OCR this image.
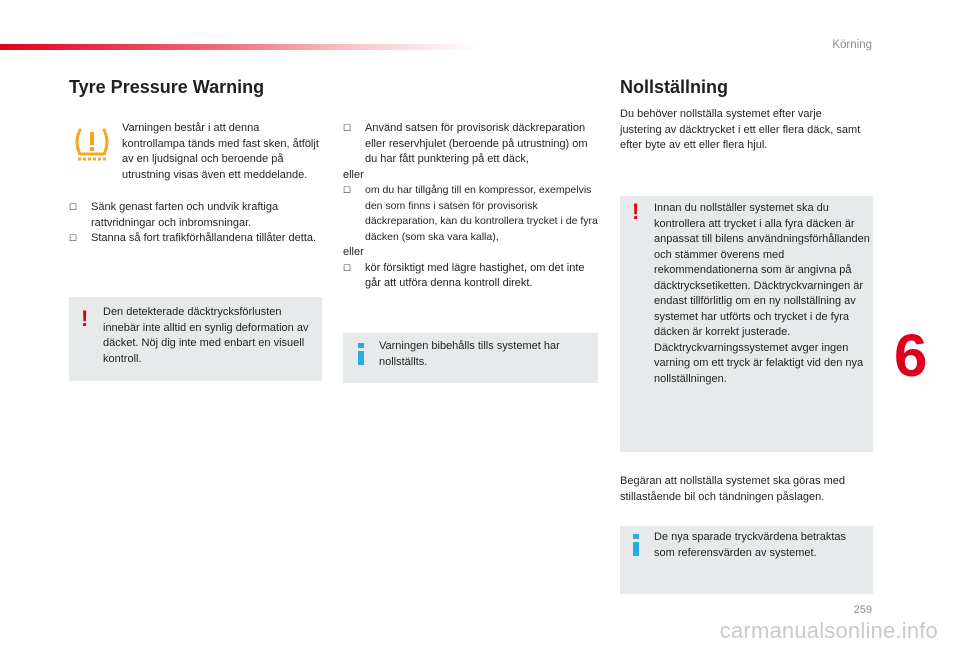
Körning
Tyre Pressure Warning

Varningen består i att denna kontrollampa tänds med fast sken, åtföljt av en ljudsignal och beroende på utrustning visas även ett meddelande.

☐ Sänk genast farten och undvik kraftiga rattvridningar och inbromsningar.
☐ Stanna så fort trafikförhållandena tillåter detta.
! Den detekterade däcktrycksförlusten innebär inte alltid en synlig deformation av däcket. Nöj dig inte med enbart en visuell kontroll.
☐ Använd satsen för provisorisk däckreparation eller reservhjulet (beroende på utrustning) om du har fått punktering på ett däck,
eller
☐ om du har tillgång till en kompressor, exempelvis den som finns i satsen för provisorisk däckreparation, kan du kontrollera trycket i de fyra däcken (som ska vara kalla),
eller
☐ kör försiktigt med lägre hastighet, om det inte går att utföra denna kontroll direkt.
Varningen bibehålls tills systemet har nollställts.
Nollställning

Du behöver nollställa systemet efter varje justering av däcktrycket i ett eller flera däck, samt efter byte av ett eller flera hjul.

! Innan du nollställer systemet ska du kontrollera att trycket i alla fyra däcken är anpassat till bilens användningsförhållanden och stämmer överens med rekommendationerna som är angivna på däcktrycksetiketten. Däcktryckvarningen är endast tillförlitlig om en ny nollställning av systemet har utförts och trycket i de fyra däcken är korrekt justerade. Däcktryckvarningssystemet avger ingen varning om ett tryck är felaktigt vid den nya nollställningen.

Begäran att nollställa systemet ska göras med stillastående bil och tändningen påslagen.

De nya sparade tryckvärdena betraktas som referensvärden av systemet.
6
259
carmanualsonline.info
